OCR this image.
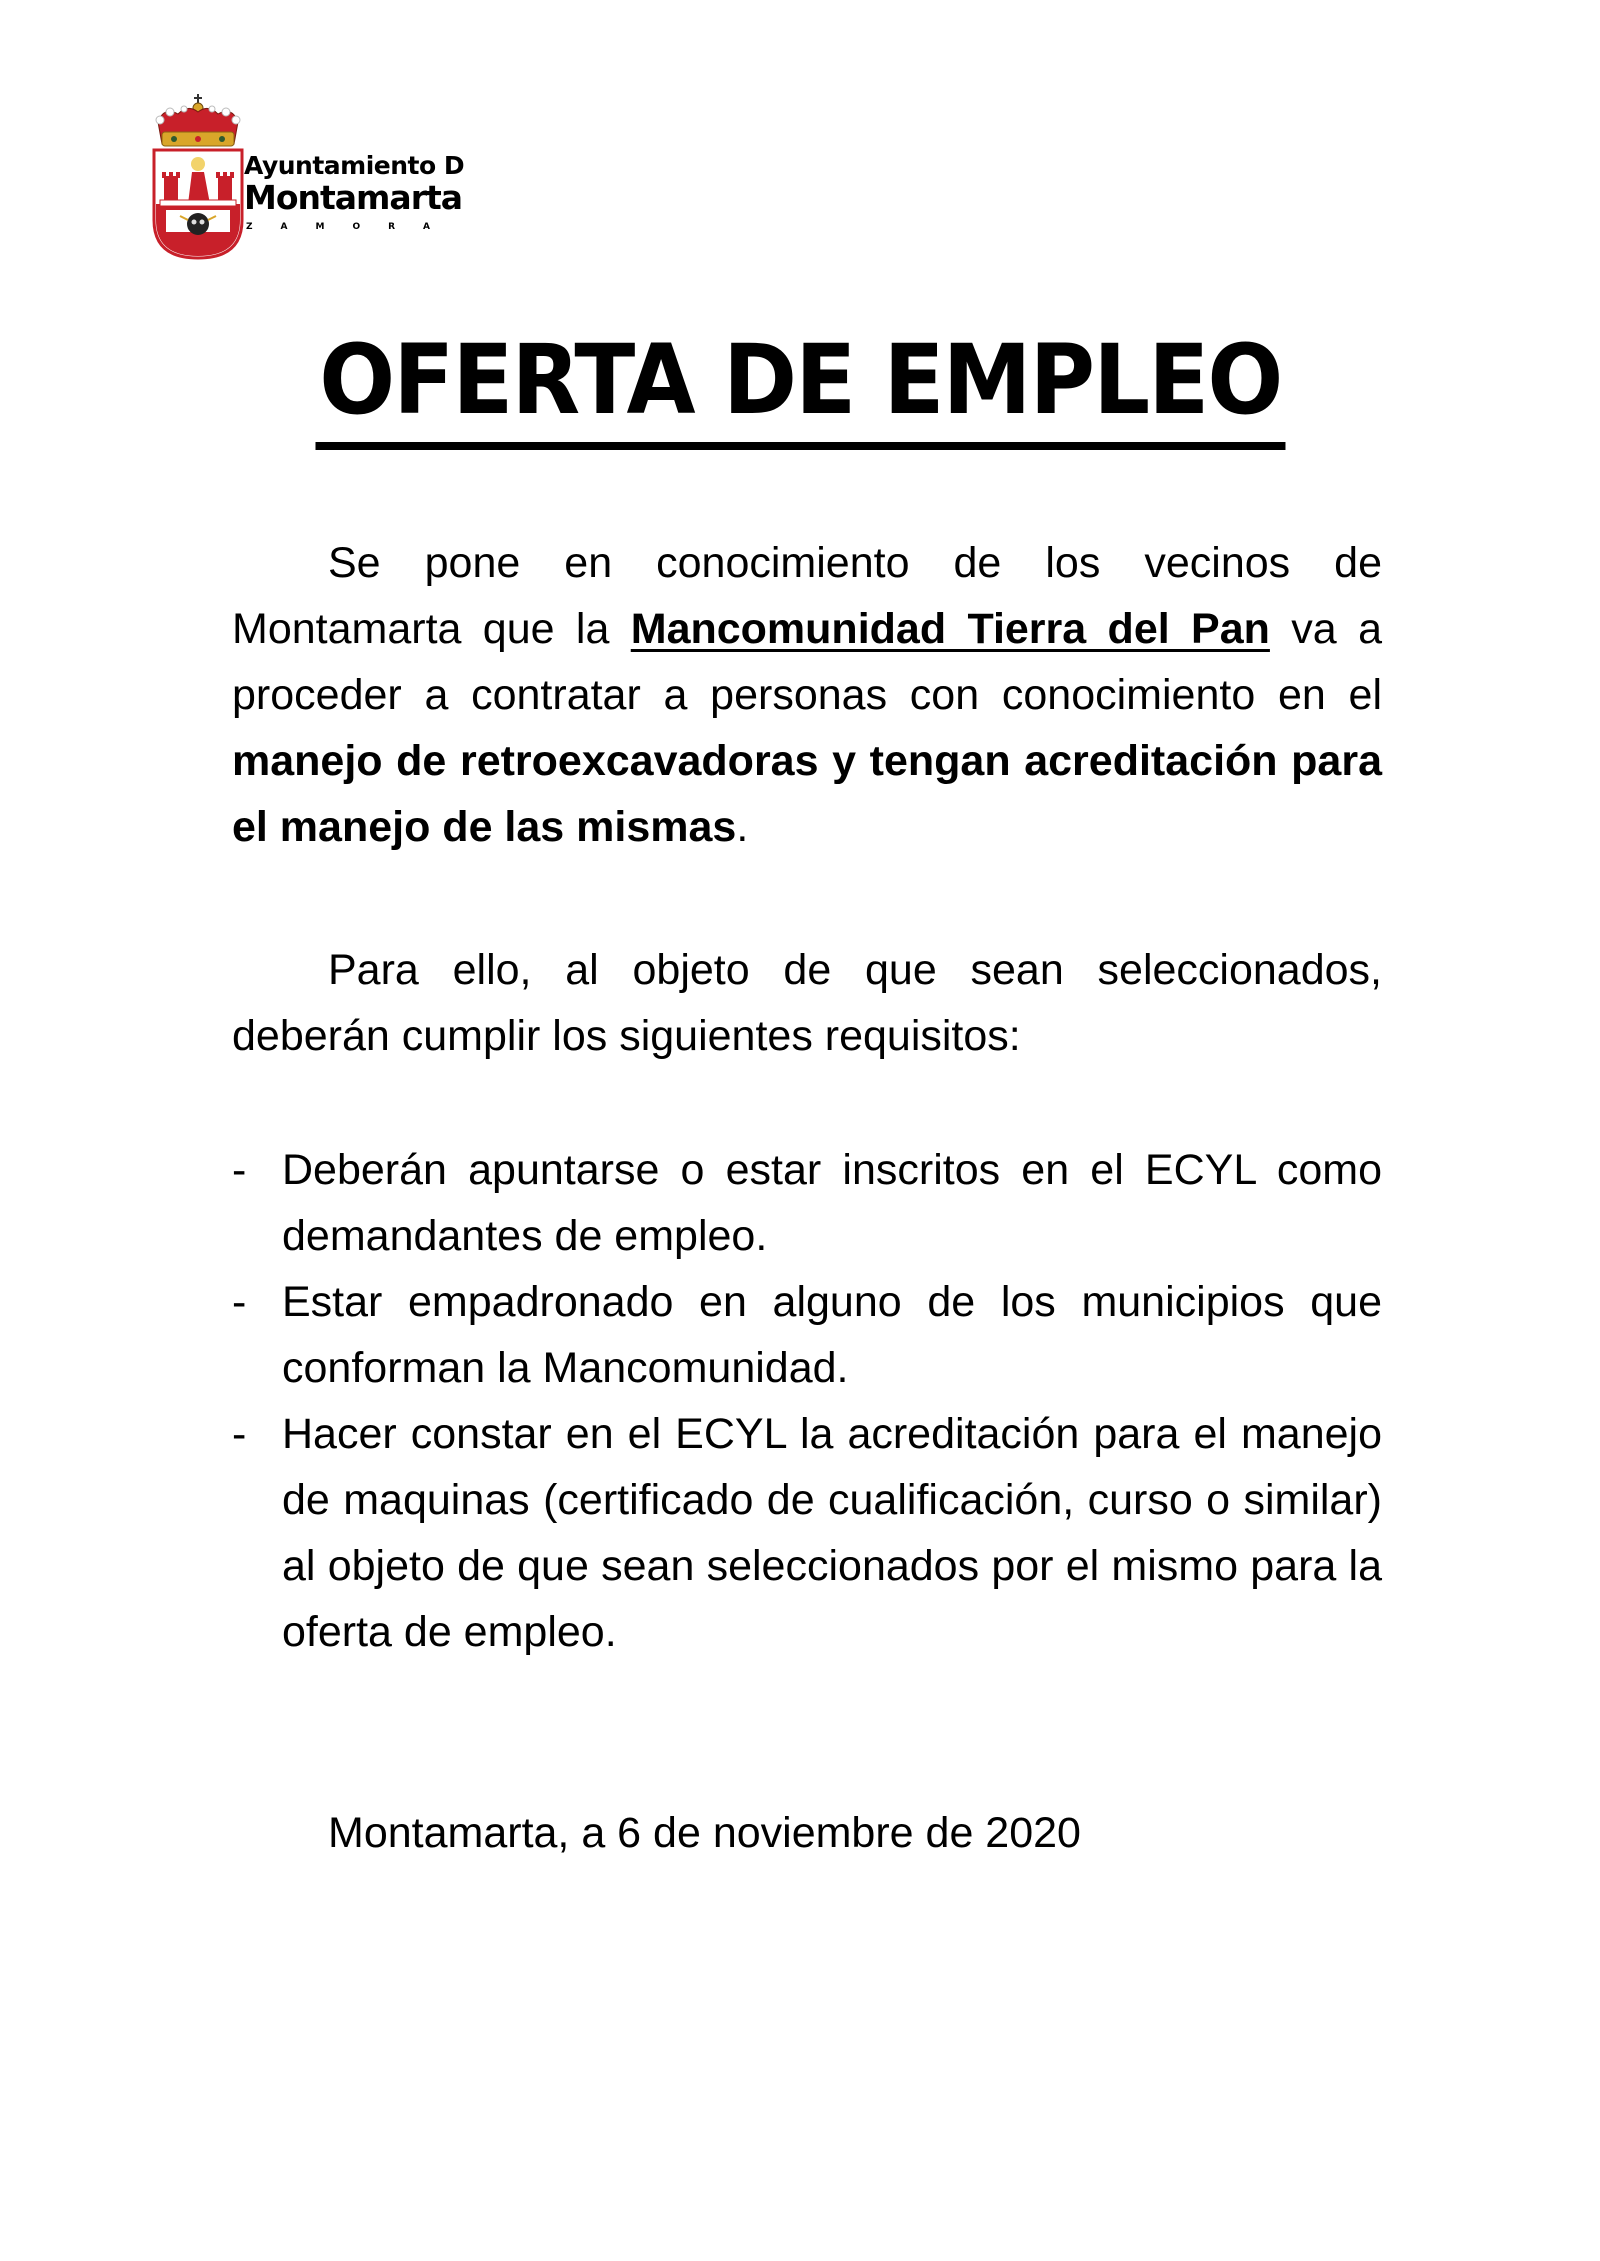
Ayuntamiento D
Montamarta
ZAMORA
OFERTA DE EMPLEO

Se pone en conocimiento de los vecinos de Montamarta que la Mancomunidad Tierra del Pan va a proceder a contratar a personas con conocimiento en el manejo de retroexcavadoras y tengan acreditación para el manejo de las mismas.

Para ello, al objeto de que sean seleccionados, deberán cumplir los siguientes requisitos:

- Deberán apuntarse o estar inscritos en el ECYL como demandantes de empleo.
- Estar empadronado en alguno de los municipios que conforman la Mancomunidad.
- Hacer constar en el ECYL la acreditación para el manejo de maquinas (certificado de cualificación, curso o similar) al objeto de que sean seleccionados por el mismo para la oferta de empleo.
Montamarta, a 6 de noviembre de 2020
